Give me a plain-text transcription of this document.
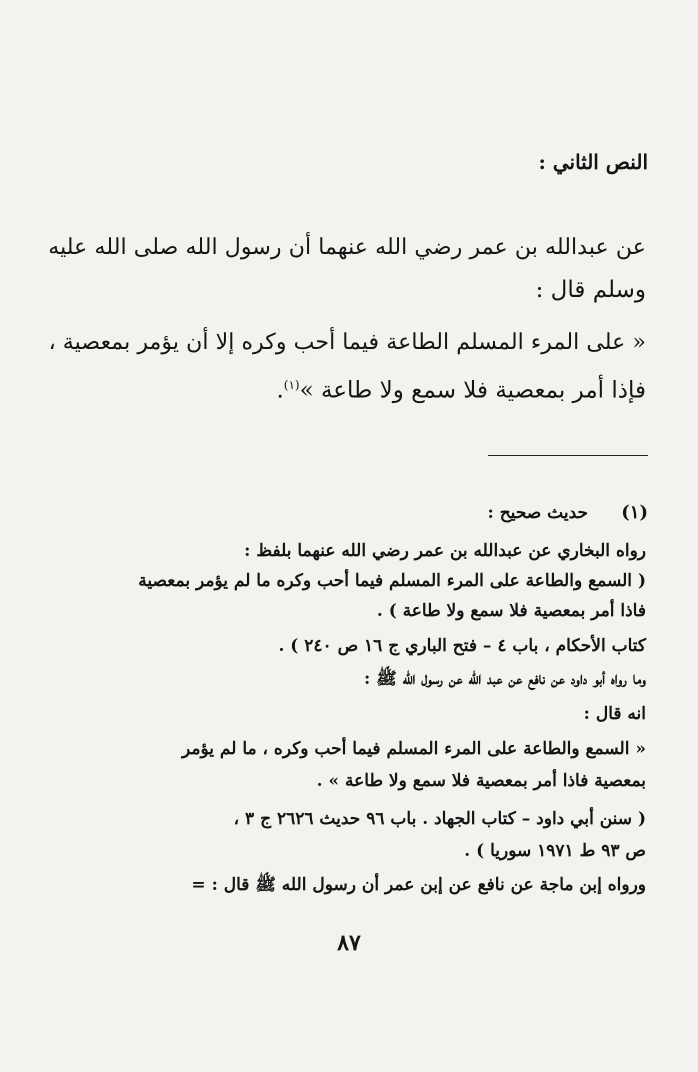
النص الثاني :
عن عبدالله بن عمر رضي الله عنهما أن رسول الله صلى الله عليه
وسلم قال :
« على المرء المسلم الطاعة فيما أحب وكره إلا أن يؤمر بمعصية ،
فإذا أمر بمعصية فلا سمع ولا طاعة »$^{(١)}$.
(١)
حديث صحيح :
رواه البخاري عن عبدالله بن عمر رضي الله عنهما بلفظ :
( السمع والطاعة على المرء المسلم فيما أحب وكره ما لم يؤمر بمعصية
فاذا أمر بمعصية فلا سمع ولا طاعة ) .
كتاب الأحكام ، باب ٤ – فتح الباري ج ١٦ ص ٢٤٠ ) .
وما رواه أبو داود عن نافع عن عبد الله عن رسول الله ﷺ :
انه قال :
« السمع والطاعة على المرء المسلم فيما أحب وكره ، ما لم يؤمر
بمعصية فاذا أمر بمعصية فلا سمع ولا طاعة » .
( سنن أبي داود – كتاب الجهاد . باب ٩٦ حديث ٢٦٢٦ ج ٣ ،
ص ٩٣ ط ١٩٧١ سوريا ) .
ورواه إبن ماجة عن نافع عن إبن عمر أن رسول الله ﷺ قال : =
٨٧
